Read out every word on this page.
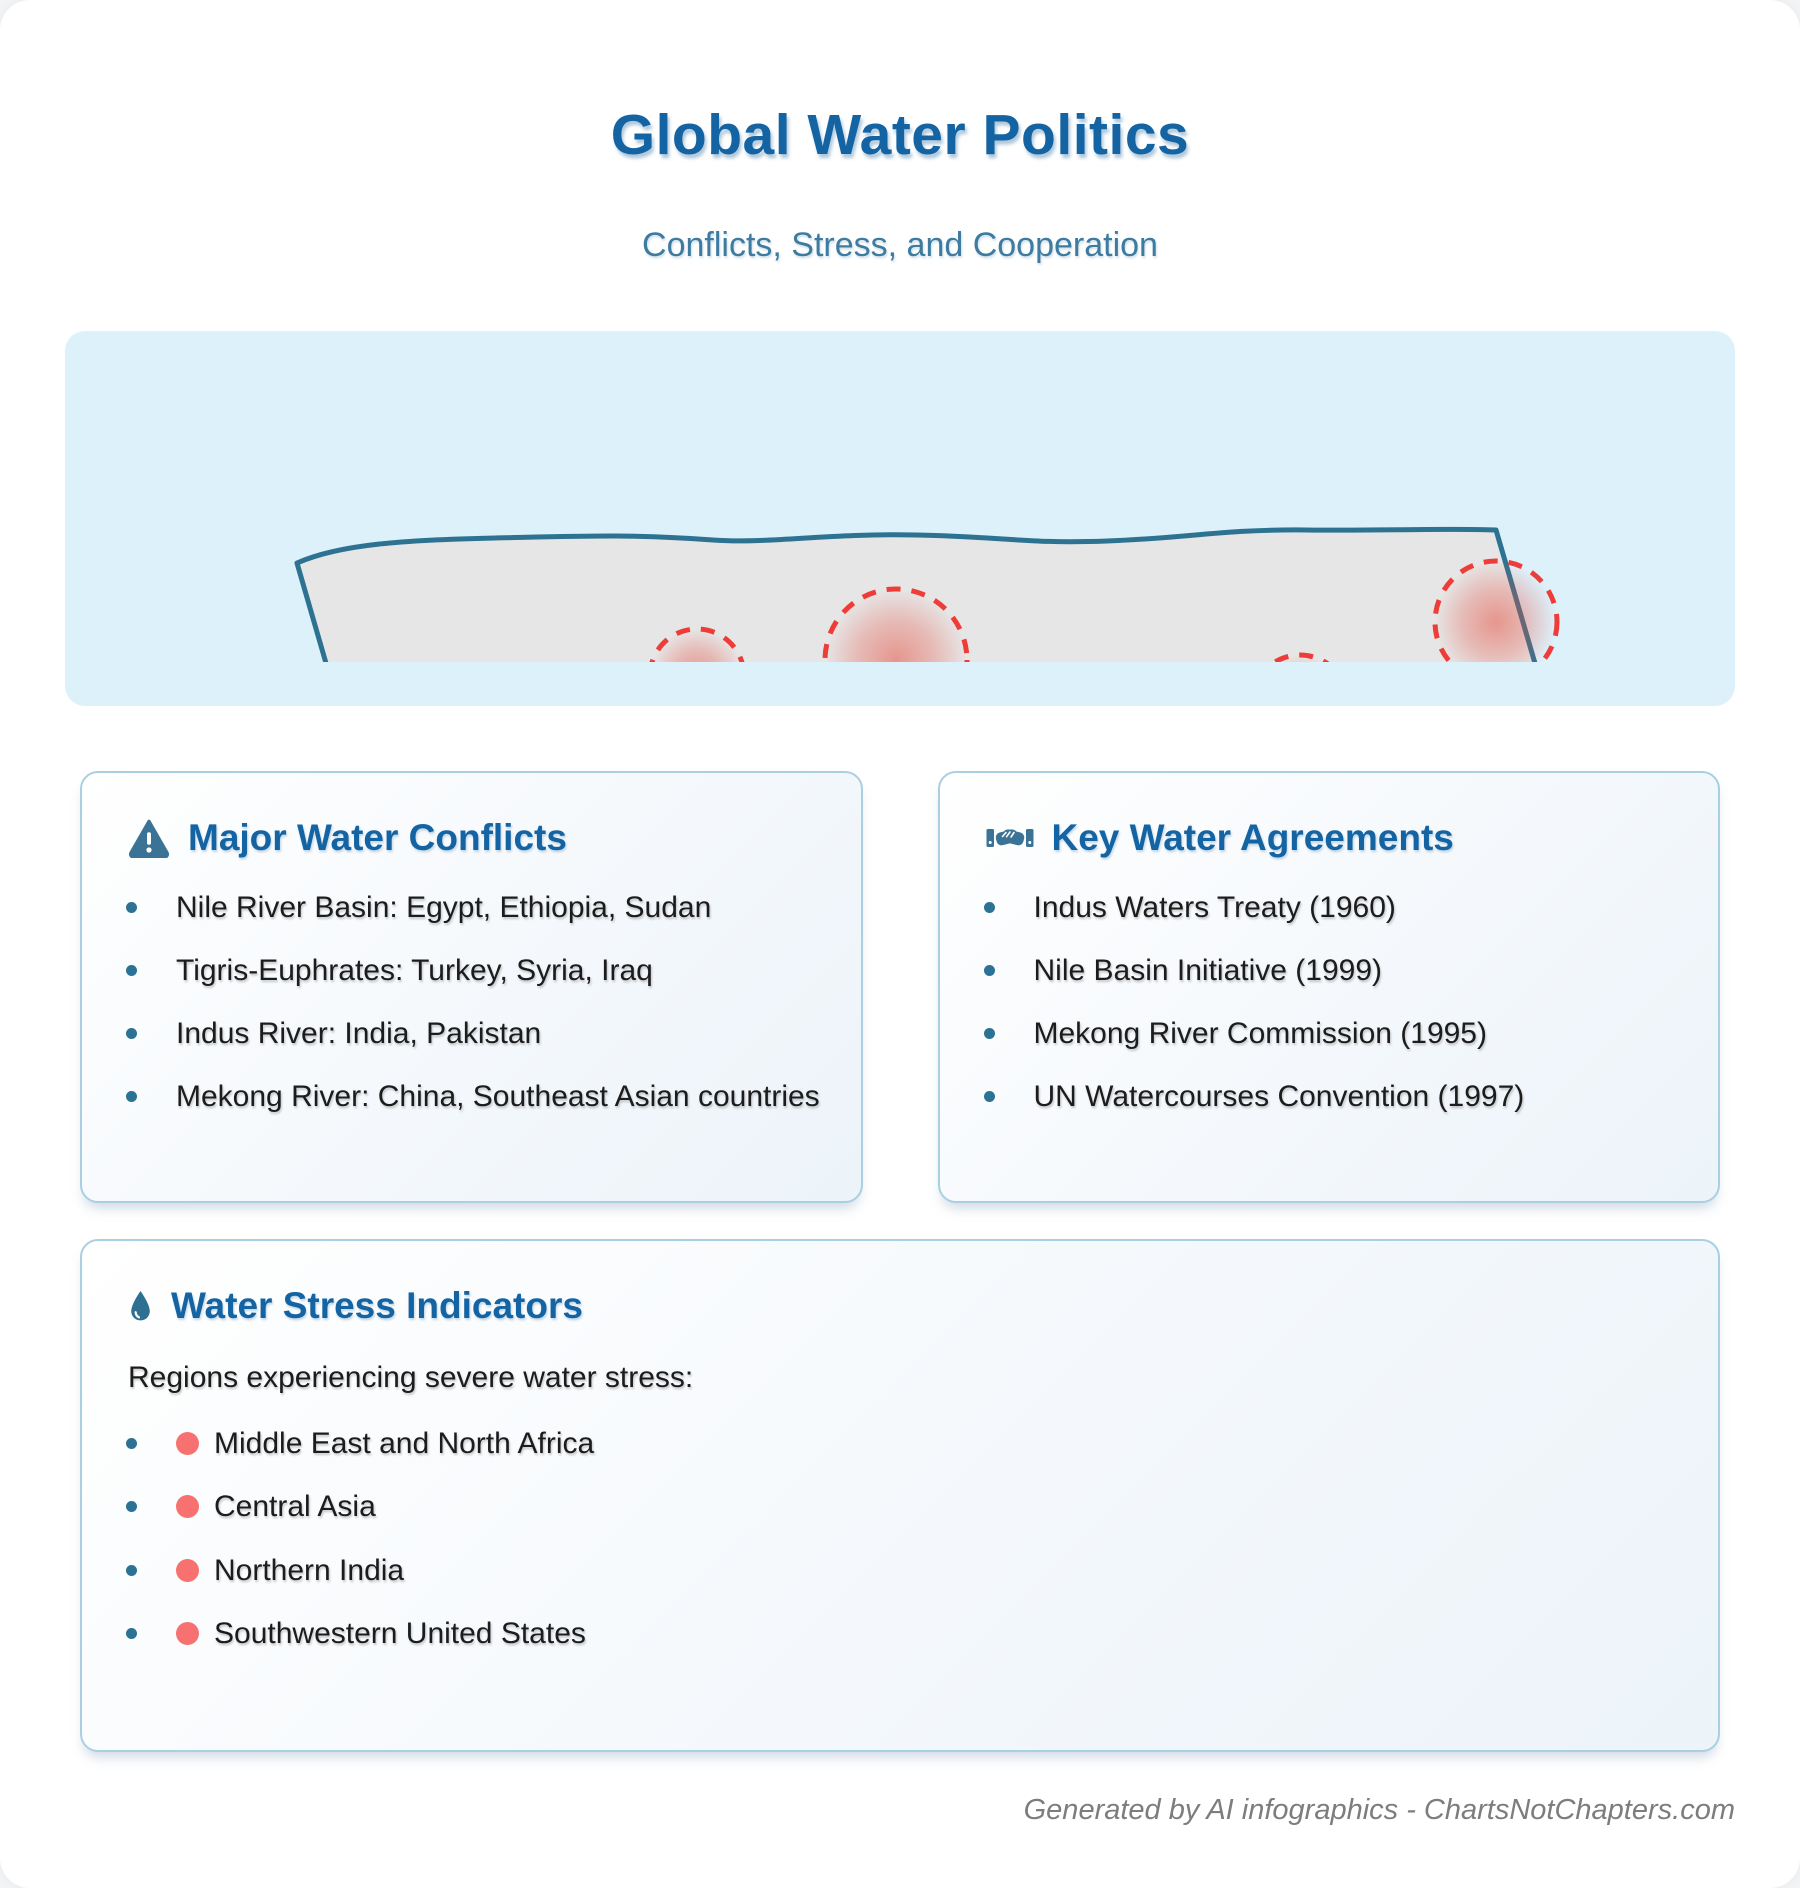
Global Water Politics
Conflicts, Stress, and Cooperation
Major Water Conflicts
Nile River Basin: Egypt, Ethiopia, Sudan
Tigris-Euphrates: Turkey, Syria, Iraq
Indus River: India, Pakistan
Mekong River: China, Southeast Asian countries
Key Water Agreements
Indus Waters Treaty (1960)
Nile Basin Initiative (1999)
Mekong River Commission (1995)
UN Watercourses Convention (1997)
Water Stress Indicators

Regions experiencing severe water stress:

Middle East and North Africa
Central Asia
Northern India
Southwestern United States
Generated by AI infographics - ChartsNotChapters.com
